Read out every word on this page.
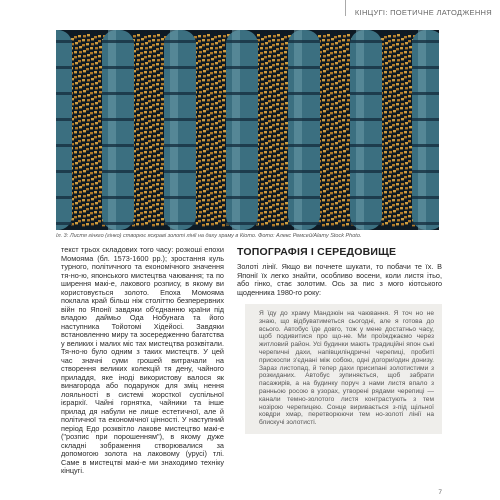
КІНЦУГІ: ПОЕТИЧНЕ ЛАТОДЖЕННЯ
Іл. 3: Листя гінкго (гінко) створює яскраві золоті лінії на даху храму в Кіото. Фото: Алекс Ремсей/Alamy Stock Photo.
текст трьох складових того часу: розкоші епохи Момояма (бл. 1573-1600 рр.); зростання куль турного, політичного та економічного значення тя-но-ю, японського мистецтва чаювання; та по ширення макі-е, лакового розпису, в якому ви користовується золото. Епоха Момояма поклала край більш ніж століттю безперервних війн по Японії завдяки об'єднанню країни під владою даймьо Ода Нобунага та його наступника Тойотомі Хідейосі. Завдяки встановленню миру та зосередженню багатства у великих і малих міс тах мистецтва розквітали. Тя-но-ю було одним з таких мистецтв. У цей час значні суми грошей витрачали на створення великих колекцій тя дену, чайного приладдя, яке іноді використову валося як винагорода або подарунок для зміц нення лояльності в системі жорсткої суспільної ієрархії. Чайні горнятка, чайники та інше прилад дя набули не лише естетичної, але й політичної та економічної цінності. У наступний період Едо розквітло лакове мистецтво макі-е ("розпис при порошенням"), в якому дуже складні зображення створювалися за допомогою золота на лаковому (урусі) тлі. Саме в мистецтві макі-е ми знаходимо техніку кінцугі.
ТОПОГРАФІЯ І СЕРЕДОВИЩЕ

Золоті лінії. Якщо ви почнете шукати, то побачи те їх. В Японії їх легко знайти, особливо восени, коли листя ітьо, або гінко, стає золотим. Ось за пис з мого кіотського щоденника 1980-го року:

Я їду до храму Мандзюін на чаювання. Я точ но не знаю, що відбуватиметься сьогодні, але я готова до всього. Автобус їде довго, тож у мене достатньо часу, щоб подивитися про що-не. Ми проїжджаємо через житловий район. Усі будинки мають традиційні япон ські черепичні дахи, напівциліндричні черепиці, пробиті прискоспи з'єднані між собою, одні догори/один донизу. Зараз листопад, й тепер дахи присипані золотистими з розкиданих. Автобус зупиняється, щоб забрати пасажирів, а на будинку поруч з нами листя впало з ранньою росою в узорах, утворені рядами черепиці — канали темно-золотого листя контрастують з тем нозірою черепицею. Сонце виривається з-під щільної ковдри хмар, перетворюючи тем но-золоті лінії на блискучі золотисті.
7
